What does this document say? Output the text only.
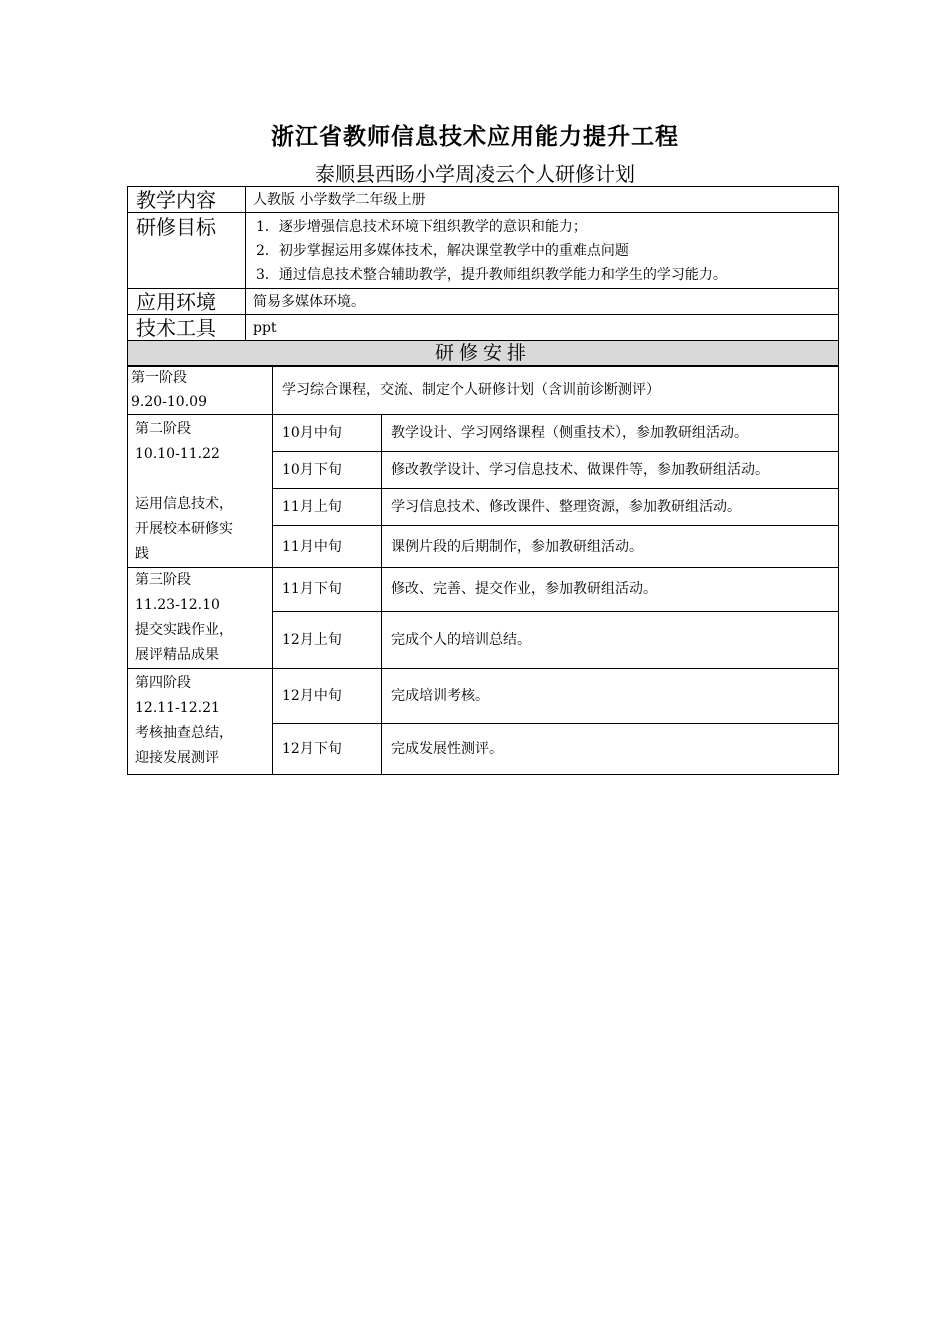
浙江省教师信息技术应用能力提升工程
泰顺县西旸小学周凌云个人研修计划
教学内容	人教版 小学数学二年级上册
研修目标	1．逐步增强信息技术环境下组织教学的意识和能力；
2．初步掌握运用多媒体技术，解决课堂教学中的重难点问题
3．通过信息技术整合辅助教学，提升教师组织教学能力和学生的学习能力。

应用环境	简易多媒体环境。
技术工具	ppt
研修安排	
第一阶段
9.20-10.09	学习综合课程，交流、制定个人研修计划（含训前诊断测评）	

第二阶段
10.10-11.22
运用信息技术，
开展校本研修实
践	10月中旬	教学设计、学习网络课程（侧重技术），参加教研组活动。
	10月下旬	修改教学设计、学习信息技术、做课件等，参加教研组活动。
	11月上旬	学习信息技术、修改课件、整理资源，参加教研组活动。
	11月中旬	课例片段的后期制作，参加教研组活动。

第三阶段
11.23-12.10
提交实践作业，
展评精品成果	11月下旬	修改、完善、提交作业，参加教研组活动。
	12月上旬	完成个人的培训总结。

第四阶段
12.11-12.21
考核抽查总结，
迎接发展测评	12月中旬	完成培训考核。
	12月下旬	完成发展性测评。
